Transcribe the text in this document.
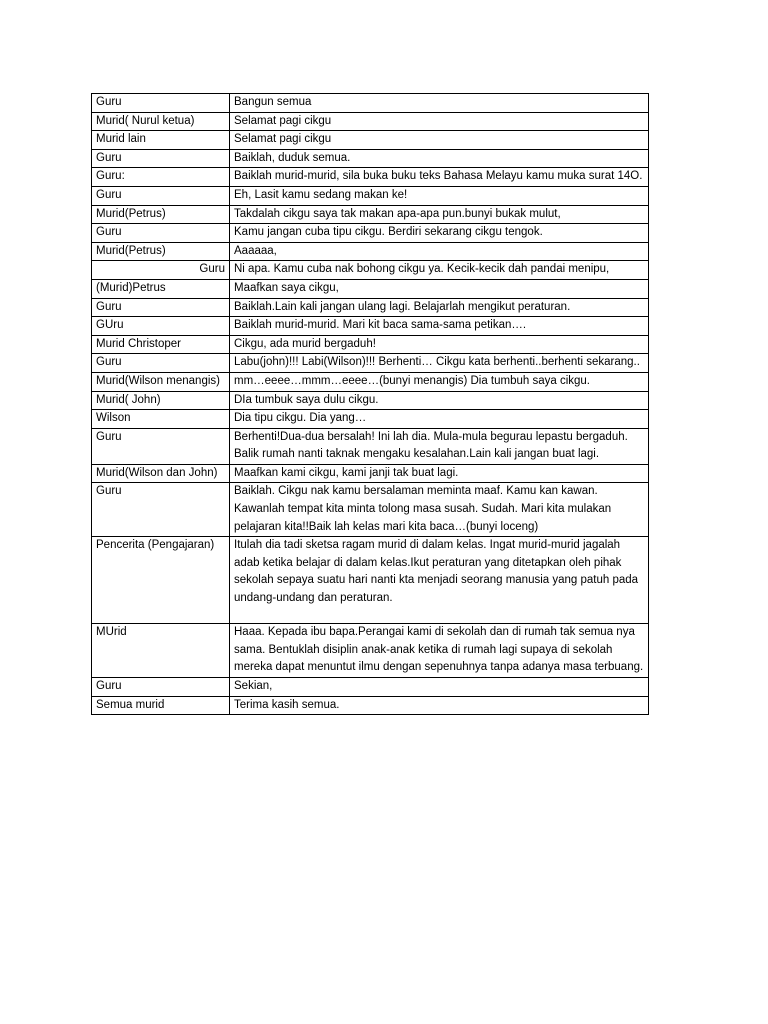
Guru	Bangun semua
Murid( Nurul ketua)	Selamat pagi cikgu
Murid lain	Selamat pagi cikgu
Guru	Baiklah, duduk semua.
Guru:	Baiklah murid-murid, sila buka buku teks Bahasa Melayu kamu muka surat 14O.
Guru	Eh, Lasit kamu sedang makan ke!
Murid(Petrus)	Takdalah cikgu saya tak makan apa-apa pun.bunyi bukak mulut,
Guru	Kamu jangan cuba tipu cikgu. Berdiri sekarang cikgu tengok.
Murid(Petrus)	Aaaaaa,
Guru	Ni apa. Kamu cuba nak bohong cikgu ya. Kecik-kecik dah pandai menipu,
(Murid)Petrus	Maafkan saya cikgu,
Guru	Baiklah.Lain kali jangan ulang lagi. Belajarlah mengikut peraturan.
GUru	Baiklah murid-murid. Mari kit baca sama-sama petikan….
Murid Christoper	Cikgu, ada murid bergaduh!
Guru	Labu(john)!!! Labi(Wilson)!!! Berhenti… Cikgu kata berhenti..berhenti sekarang..
Murid(Wilson menangis)	mm…eeee…mmm…eeee…(bunyi menangis) Dia tumbuh saya cikgu.
Murid( John)	DIa tumbuk saya dulu cikgu.
Wilson	Dia tipu cikgu. Dia yang…
Guru	Berhenti!Dua-dua bersalah! Ini lah dia. Mula-mula begurau lepastu bergaduh. Balik rumah nanti taknak mengaku kesalahan.Lain kali jangan buat lagi.
Murid(Wilson dan John)	Maafkan kami cikgu, kami janji tak buat lagi.
Guru	Baiklah. Cikgu nak kamu bersalaman meminta maaf. Kamu kan kawan. Kawanlah tempat kita minta tolong masa susah. Sudah. Mari kita mulakan pelajaran kita!!Baik lah kelas mari kita baca…(bunyi loceng)
Pencerita (Pengajaran)	Itulah dia tadi sketsa ragam murid di dalam kelas. Ingat murid-murid jagalah adab ketika belajar di dalam kelas.Ikut peraturan yang ditetapkan oleh pihak sekolah sepaya suatu hari nanti kta menjadi seorang manusia yang patuh pada undang-undang dan peraturan.
MUrid	Haaa. Kepada ibu bapa.Perangai kami di sekolah dan di rumah tak semua nya sama. Bentuklah disiplin anak-anak ketika di rumah lagi supaya di sekolah mereka dapat menuntut ilmu dengan sepenuhnya tanpa adanya masa terbuang.
Guru	Sekian,
Semua murid	Terima kasih semua.
